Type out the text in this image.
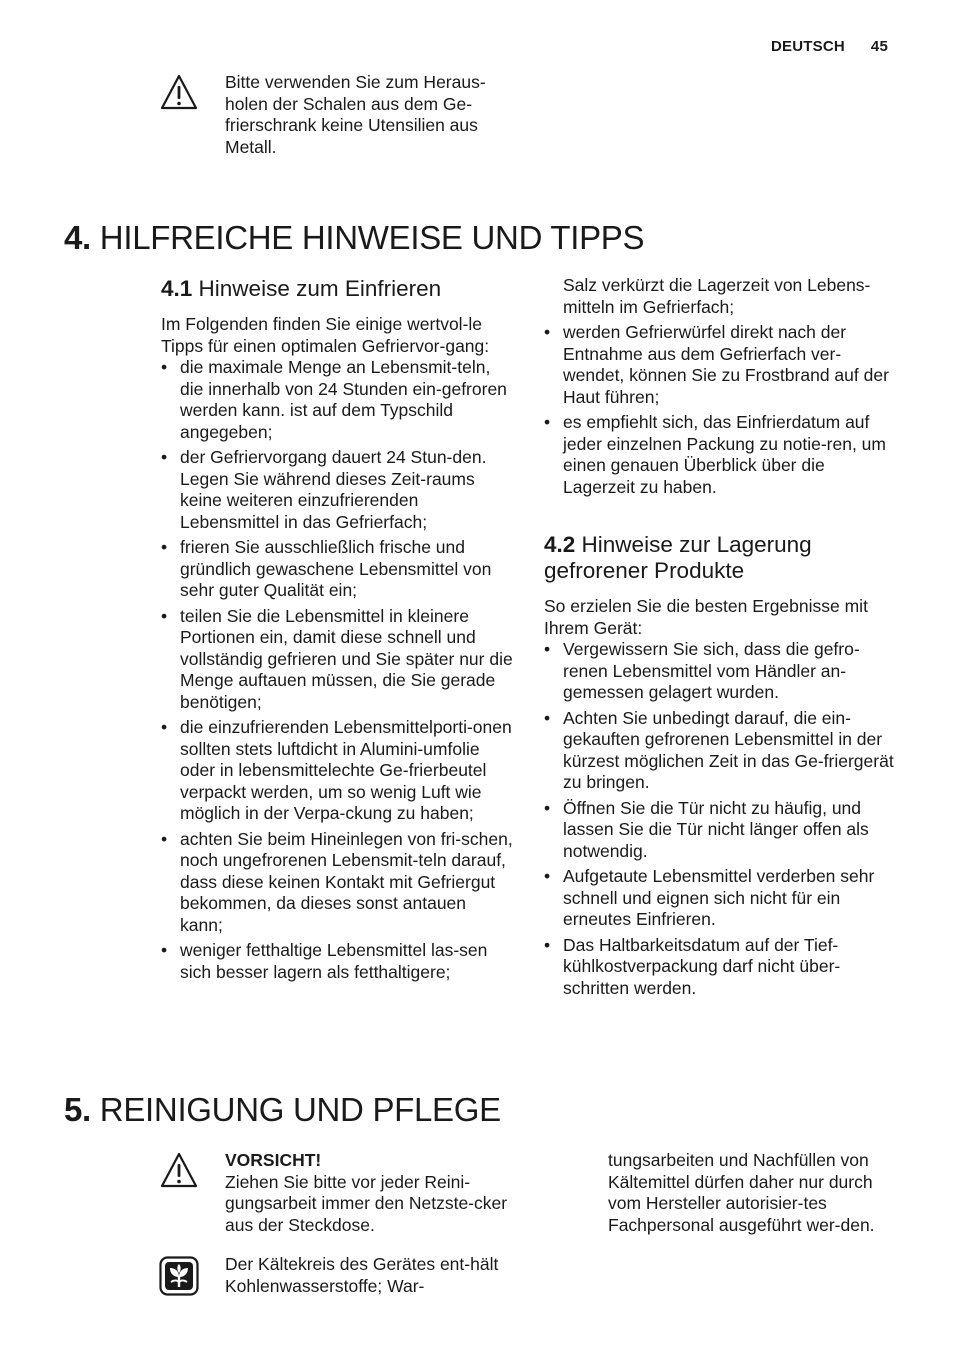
DEUTSCH 45

Bitte verwenden Sie zum Heraus-holen der Schalen aus dem Ge-frierschrank keine Utensilien aus Metall.

4. HILFREICHE HINWEISE UND TIPPS
4.1 Hinweise zum Einfrieren

Im Folgenden finden Sie einige wertvol-le Tipps für einen optimalen Gefriervor-gang:

• die maximale Menge an Lebensmit-teln, die innerhalb von 24 Stunden ein-gefroren werden kann. ist auf dem Typschild angegeben;
• der Gefriervorgang dauert 24 Stun-den. Legen Sie während dieses Zeit-raums keine weiteren einzufrierenden Lebensmittel in das Gefrierfach;
• frieren Sie ausschließlich frische und gründlich gewaschene Lebensmittel von sehr guter Qualität ein;
• teilen Sie die Lebensmittel in kleinere Portionen ein, damit diese schnell und vollständig gefrieren und Sie später nur die Menge auftauen müssen, die Sie gerade benötigen;
• die einzufrierenden Lebensmittelporti-onen sollten stets luftdicht in Alumini-umfolie oder in lebensmittelechte Ge-frierbeutel verpackt werden, um so wenig Luft wie möglich in der Verpa-ckung zu haben;
• achten Sie beim Hineinlegen von fri-schen, noch ungefrorenen Lebensmit-teln darauf, dass diese keinen Kontakt mit Gefriergut bekommen, da dieses sonst antauen kann;
• weniger fetthaltige Lebensmittel las-sen sich besser lagern als fetthaltigere;

Salz verkürzt die Lagerzeit von Lebens-mitteln im Gefrierfach;

• werden Gefrierwürfel direkt nach der Entnahme aus dem Gefrierfach ver-wendet, können Sie zu Frostbrand auf der Haut führen;
• es empfiehlt sich, das Einfrierdatum auf jeder einzelnen Packung zu notie-ren, um einen genauen Überblick über die Lagerzeit zu haben.
4.2 Hinweise zur Lagerung gefrorener Produkte

So erzielen Sie die besten Ergebnisse mit Ihrem Gerät:

• Vergewissern Sie sich, dass die gefro-renen Lebensmittel vom Händler an-gemessen gelagert wurden.
• Achten Sie unbedingt darauf, die ein-gekauften gefrorenen Lebensmittel in der kürzest möglichen Zeit in das Ge-friergerät zu bringen.
• Öffnen Sie die Tür nicht zu häufig, und lassen Sie die Tür nicht länger offen als notwendig.
• Aufgetaute Lebensmittel verderben sehr schnell und eignen sich nicht für ein erneutes Einfrieren.
• Das Haltbarkeitsdatum auf der Tief-kühlkostverpackung darf nicht über-schritten werden.
5. REINIGUNG UND PFLEGE

VORSICHT!

Ziehen Sie bitte vor jeder Reini-gungsarbeit immer den Netzste-cker aus der Steckdose.

Der Kältekreis des Gerätes ent-hält Kohlenwasserstoffe; War-

tungsarbeiten und Nachfüllen von Kältemittel dürfen daher nur durch vom Hersteller autorisier-tes Fachpersonal ausgeführt wer-den.
